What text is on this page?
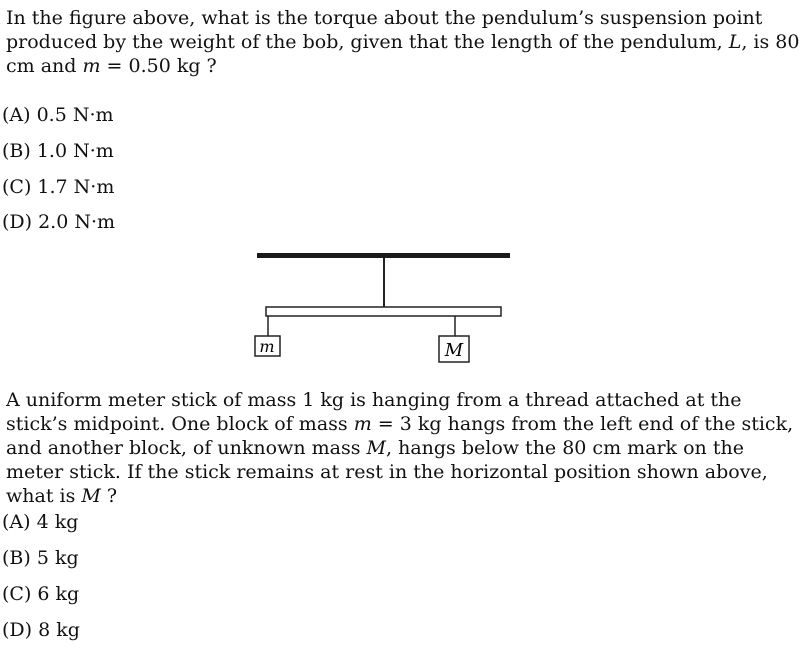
In the figure above, what is the torque about the pendulum’s suspension point produced by the weight of the bob, given that the length of the pendulum, L, is 80 cm and m = 0.50 kg ?

(A) 0.5 N·m

(B) 1.0 N·m

(C) 1.7 N·m

(D) 2.0 N·m

m	M

A uniform meter stick of mass 1 kg is hanging from a thread attached at the stick’s midpoint. One block of mass m = 3 kg hangs from the left end of the stick, and another block, of unknown mass M, hangs below the 80 cm mark on the meter stick. If the stick remains at rest in the horizontal position shown above, what is M ?

(A) 4 kg

(B) 5 kg

(C) 6 kg

(D) 8 kg
